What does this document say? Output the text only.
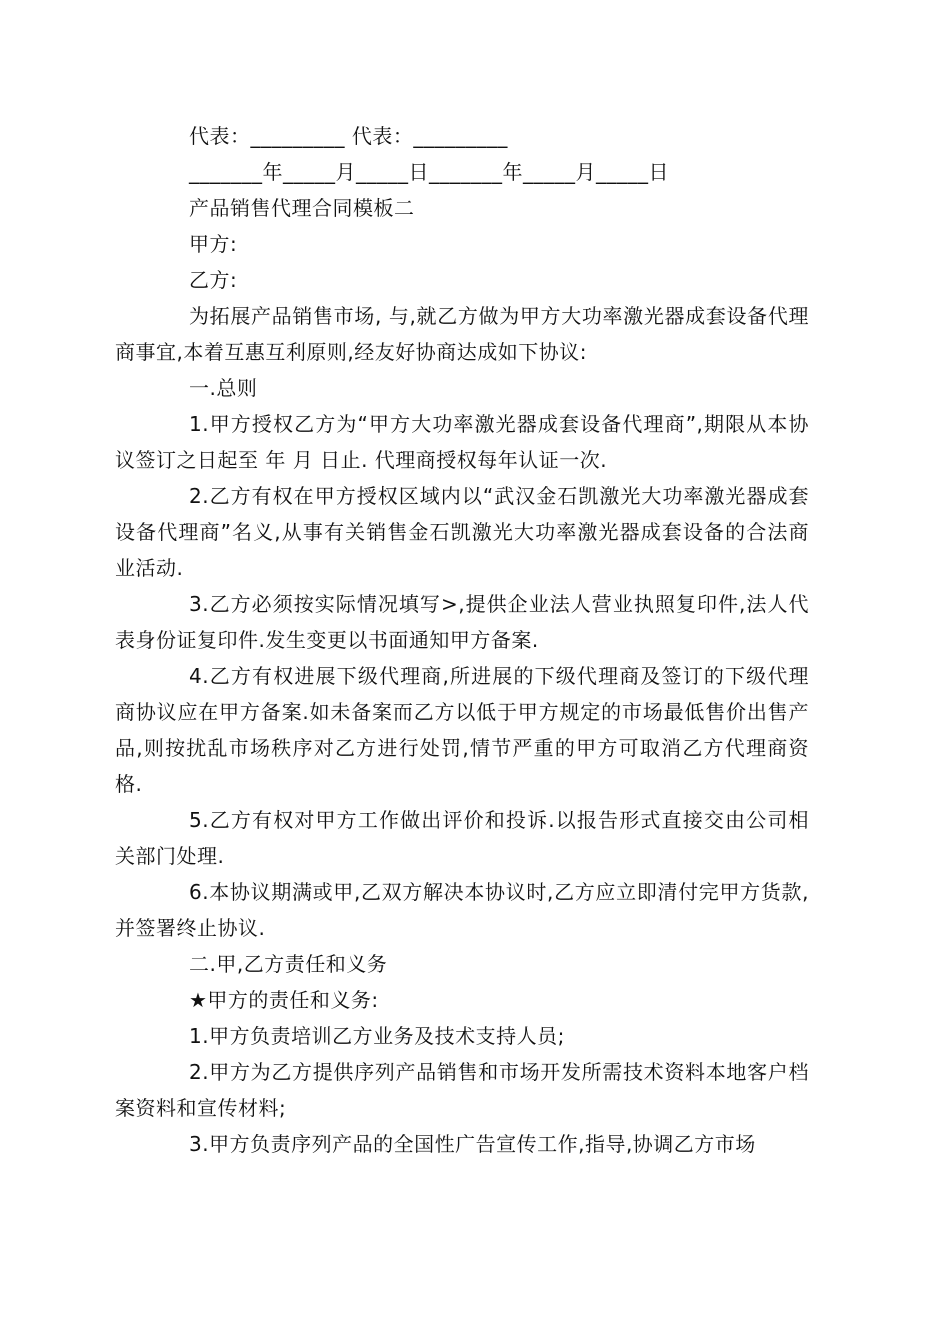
代表：_________ 代表：_________

_______年_____月_____日_______年_____月_____日

产品销售代理合同模板二

甲方:

乙方:

为拓展产品销售市场, 与,就乙方做为甲方大功率激光器成套设备代理商事宜,本着互惠互利原则,经友好协商达成如下协议:

一.总则

1.甲方授权乙方为“甲方大功率激光器成套设备代理商”,期限从本协议签订之日起至 年 月 日止. 代理商授权每年认证一次.

2.乙方有权在甲方授权区域内以“武汉金石凯激光大功率激光器成套设备代理商”名义,从事有关销售金石凯激光大功率激光器成套设备的合法商业活动.

3.乙方必须按实际情况填写>,提供企业法人营业执照复印件,法人代表身份证复印件.发生变更以书面通知甲方备案.

4.乙方有权进展下级代理商,所进展的下级代理商及签订的下级代理商协议应在甲方备案.如未备案而乙方以低于甲方规定的市场最低售价出售产品,则按扰乱市场秩序对乙方进行处罚,情节严重的甲方可取消乙方代理商资格.

5.乙方有权对甲方工作做出评价和投诉.以报告形式直接交由公司相关部门处理.

6.本协议期满或甲,乙双方解决本协议时,乙方应立即清付完甲方货款,并签署终止协议.

二.甲,乙方责任和义务

★甲方的责任和义务:

1.甲方负责培训乙方业务及技术支持人员;

2.甲方为乙方提供序列产品销售和市场开发所需技术资料本地客户档案资料和宣传材料;

3.甲方负责序列产品的全国性广告宣传工作,指导,协调乙方市场
